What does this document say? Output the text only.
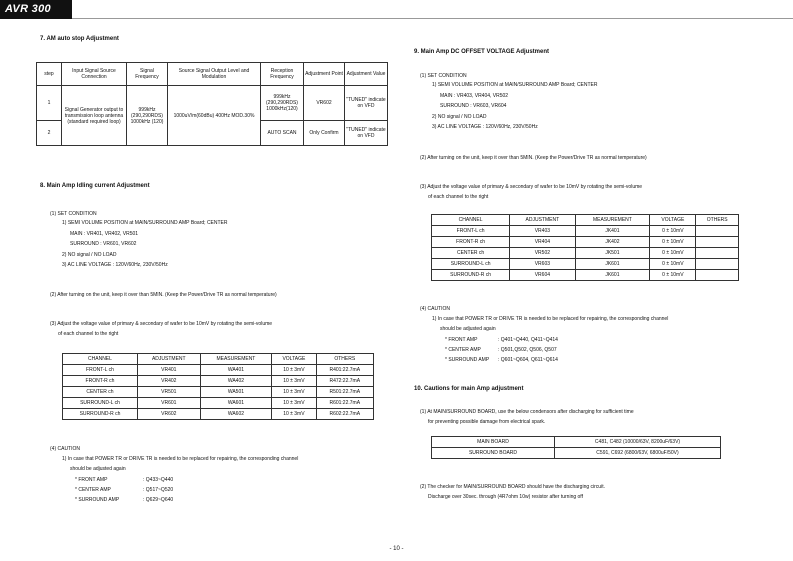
AVR 300
7. AM auto stop Adjustment
step	Input Signal Source Connection	Signal Frequency	Source Signal Output Level and Modulation	Reception Frequency	Adjustment Point	Adjustment Value
1	Signal Generator output to transmission loop antenna (standard required loop)	999kHz (290,290RDS) 1000kHz (120)	1000uV/m(60dBu) 400Hz MOD.30%	999kHz (290,290RDS) 1000kHz(120)	VR602	"TUNED" indicate on VFD
2				AUTO SCAN	Only Confirm	"TUNED" indicate on VFD
8. Main Amp Idling current Adjustment
(1) SET CONDITION
1) SEMI VOLUME POSITION at MAIN/SURROUND AMP Board; CENTER
MAIN : VR401, VR402, VR501
SURROUND : VR601, VR602
2) NO signal / NO LOAD
3) AC LINE VOLTAGE : 120V/60Hz, 230V/50Hz
(2) After turning on the unit, keep it over than 5MIN. (Keep the Power/Drive TR as normal temperature)
(3) Adjust the voltage value of primary & secondary of wafer to be 10mV by rotating the semi-volume
of each channel to the right
CHANNEL	ADJUSTMENT	MEASUREMENT	VOLTAGE	OTHERS
FRONT-L ch	VR401	WA401	10 ± 3mV	R401:22.7mA
FRONT-R ch	VR402	WA402	10 ± 3mV	R472:22.7mA
CENTER ch	VR501	WA501	10 ± 3mV	R501:22.7mA
SURROUND-L ch	VR601	WA601	10 ± 3mV	R601:22.7mA
SURROUND-R ch	VR602	WA602	10 ± 3mV	R602:22.7mA
(4) CAUTION
1) In case that POWER TR or DRIVE TR is needed to be replaced for repairing, the corresponding channel
should be adjusted again
* FRONT AMP	: Q433~Q440
* CENTER AMP	: Q517~Q520
* SURROUND AMP	: Q629~Q640
9. Main Amp DC OFFSET VOLTAGE Adjustment
(1) SET CONDITION
1) SEMI VOLUME POSITION at MAIN/SURROUND AMP Board; CENTER
MAIN : VR403, VR404, VR502
SURROUND : VR603, VR604
2) NO signal / NO LOAD
3) AC LINE VOLTAGE : 120V/60Hz, 230V/50Hz
(2) After turning on the unit, keep it over than 5MIN. (Keep the Power/Drive TR as normal temperature)
(3) Adjust the voltage value of primary & secondary of wafer to be 10mV by rotating the semi-volume
of each channel to the right
CHANNEL	ADJUSTMENT	MEASUREMENT	VOLTAGE	OTHERS
FRONT-L ch	VR403	JK401	0 ± 10mV	
FRONT-R ch	VR404	JK402	0 ± 10mV	
CENTER ch	VR502	JK501	0 ± 10mV	
SURROUND-L ch	VR603	JK601	0 ± 10mV	
SURROUND-R ch	VR604	JK601	0 ± 10mV	
(4) CAUTION
1) In case that POWER TR or DRIVE TR is needed to be replaced for repairing, the corresponding channel
should be adjusted again
* FRONT AMP	: Q401~Q440, Q411~Q414
* CENTER AMP	: Q501,Q502, Q506, Q507
* SURROUND AMP : Q601~Q604, Q611~Q614
10. Cautions for main Amp adjustment
(1) At MAIN/SURROUND BOARD, use the below condensors after discharging for sufficient time
for preventing possible damage from electrical spark.
MAIN BOARD	C481, C482 (10000/63V, 8200uF/63V)
SURROUND BOARD	C591, C692 (6800/63V, 6800uF/50V)
(2) The checker for MAIN/SURROUND BOARD should have the discharging circuit.
Discharge over 30sec. through (4R7ohm 10w) resistor after turning off
- 10 -
